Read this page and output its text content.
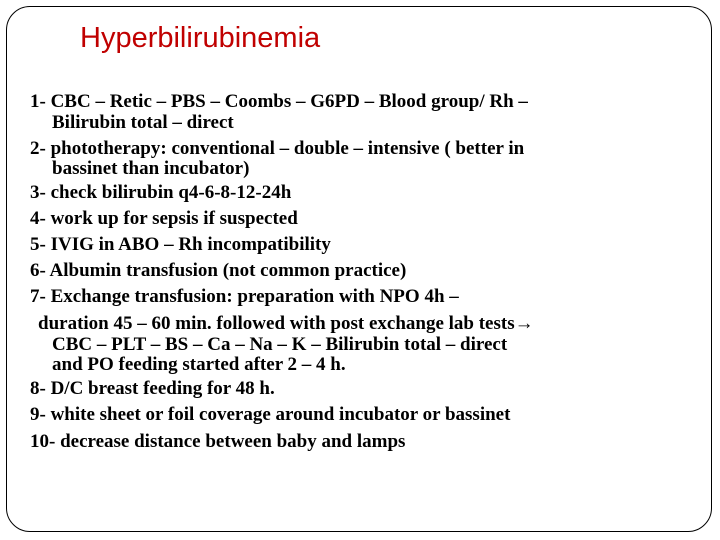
Hyperbilirubinemia
1- CBC – Retic – PBS – Coombs – G6PD – Blood group/ Rh –
Bilirubin total – direct
2- phototherapy: conventional – double – intensive ( better in
bassinet than incubator)
3- check bilirubin q4-6-8-12-24h
4- work up for sepsis if suspected
5- IVIG in ABO – Rh incompatibility
6- Albumin transfusion (not common practice)
7- Exchange transfusion: preparation with NPO 4h –
duration 45 – 60 min. followed with post exchange lab tests→
CBC – PLT – BS – Ca – Na – K – Bilirubin total – direct
and PO feeding started after 2 – 4 h.
8- D/C breast feeding for 48 h.
9- white sheet or foil coverage around incubator or bassinet
10- decrease distance between baby and lamps
